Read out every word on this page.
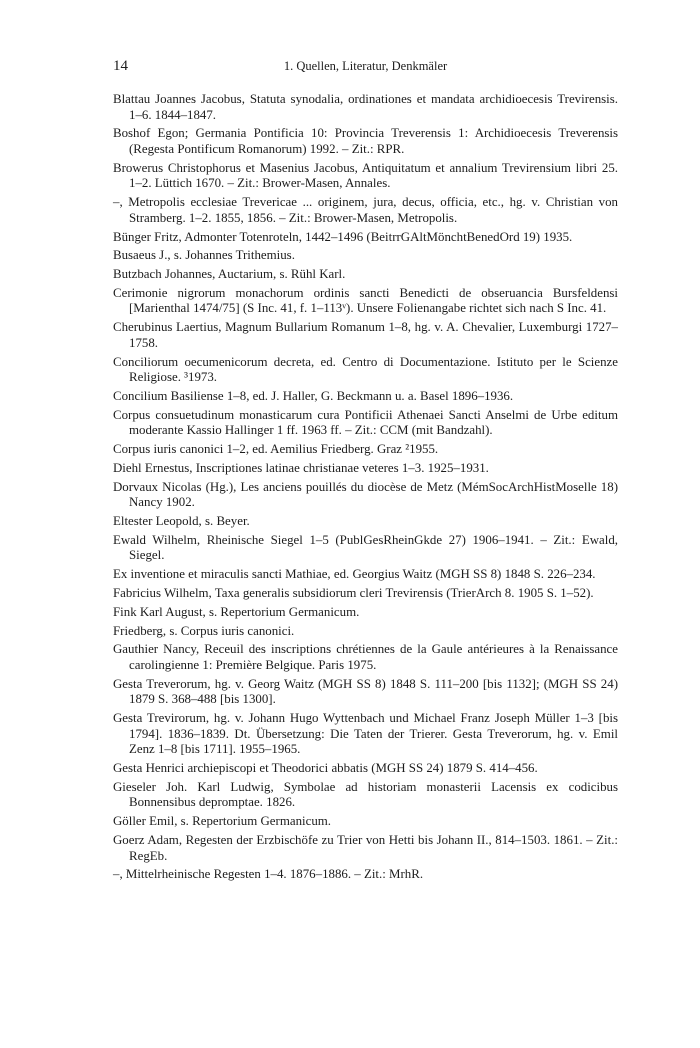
14	1. Quellen, Literatur, Denkmäler

Blattau Joannes Jacobus, Statuta synodalia, ordinationes et mandata archidioecesis Trevirensis. 1–6. 1844–1847.

Boshof Egon; Germania Pontificia 10: Provincia Treverensis 1: Archidioecesis Treverensis (Regesta Pontificum Romanorum) 1992. – Zit.: RPR.

Browerus Christophorus et Masenius Jacobus, Antiquitatum et annalium Trevirensium libri 25. 1–2. Lüttich 1670. – Zit.: Brower-Masen, Annales.

–, Metropolis ecclesiae Trevericae ... originem, jura, decus, officia, etc., hg. v. Christian von Stramberg. 1–2. 1855, 1856. – Zit.: Brower-Masen, Metropolis.

Bünger Fritz, Admonter Totenroteln, 1442–1496 (BeitrrGAltMönchtBenedOrd 19) 1935.

Busaeus J., s. Johannes Trithemius.

Butzbach Johannes, Auctarium, s. Rühl Karl.

Cerimonie nigrorum monachorum ordinis sancti Benedicti de obseruancia Bursfeldensi [Marienthal 1474/75] (S Inc. 41, f. 1–113ᵛ). Unsere Folienangabe richtet sich nach S Inc. 41.

Cherubinus Laertius, Magnum Bullarium Romanum 1–8, hg. v. A. Chevalier, Luxemburgi 1727–1758.

Conciliorum oecumenicorum decreta, ed. Centro di Documentazione. Istituto per le Scienze Religiose. ³1973.

Concilium Basiliense 1–8, ed. J. Haller, G. Beckmann u. a. Basel 1896–1936.

Corpus consuetudinum monasticarum cura Pontificii Athenaei Sancti Anselmi de Urbe editum moderante Kassio Hallinger 1 ff. 1963 ff. – Zit.: CCM (mit Bandzahl).

Corpus iuris canonici 1–2, ed. Aemilius Friedberg. Graz ²1955.

Diehl Ernestus, Inscriptiones latinae christianae veteres 1–3. 1925–1931.

Dorvaux Nicolas (Hg.), Les anciens pouillés du diocèse de Metz (MémSocArchHistMoselle 18) Nancy 1902.

Eltester Leopold, s. Beyer.

Ewald Wilhelm, Rheinische Siegel 1–5 (PublGesRheinGkde 27) 1906–1941. – Zit.: Ewald, Siegel.

Ex inventione et miraculis sancti Mathiae, ed. Georgius Waitz (MGH SS 8) 1848 S. 226–234.

Fabricius Wilhelm, Taxa generalis subsidiorum cleri Trevirensis (TrierArch 8. 1905 S. 1–52).

Fink Karl August, s. Repertorium Germanicum.

Friedberg, s. Corpus iuris canonici.

Gauthier Nancy, Receuil des inscriptions chrétiennes de la Gaule antérieures à la Renaissance carolingienne 1: Première Belgique. Paris 1975.

Gesta Treverorum, hg. v. Georg Waitz (MGH SS 8) 1848 S. 111–200 [bis 1132]; (MGH SS 24) 1879 S. 368–488 [bis 1300].

Gesta Trevirorum, hg. v. Johann Hugo Wyttenbach und Michael Franz Joseph Müller 1–3 [bis 1794]. 1836–1839. Dt. Übersetzung: Die Taten der Trierer. Gesta Treverorum, hg. v. Emil Zenz 1–8 [bis 1711]. 1955–1965.

Gesta Henrici archiepiscopi et Theodorici abbatis (MGH SS 24) 1879 S. 414–456.

Gieseler Joh. Karl Ludwig, Symbolae ad historiam monasterii Lacensis ex codicibus Bonnensibus depromptae. 1826.

Göller Emil, s. Repertorium Germanicum.

Goerz Adam, Regesten der Erzbischöfe zu Trier von Hetti bis Johann II., 814–1503. 1861. – Zit.: RegEb.

–, Mittelrheinische Regesten 1–4. 1876–1886. – Zit.: MrhR.
